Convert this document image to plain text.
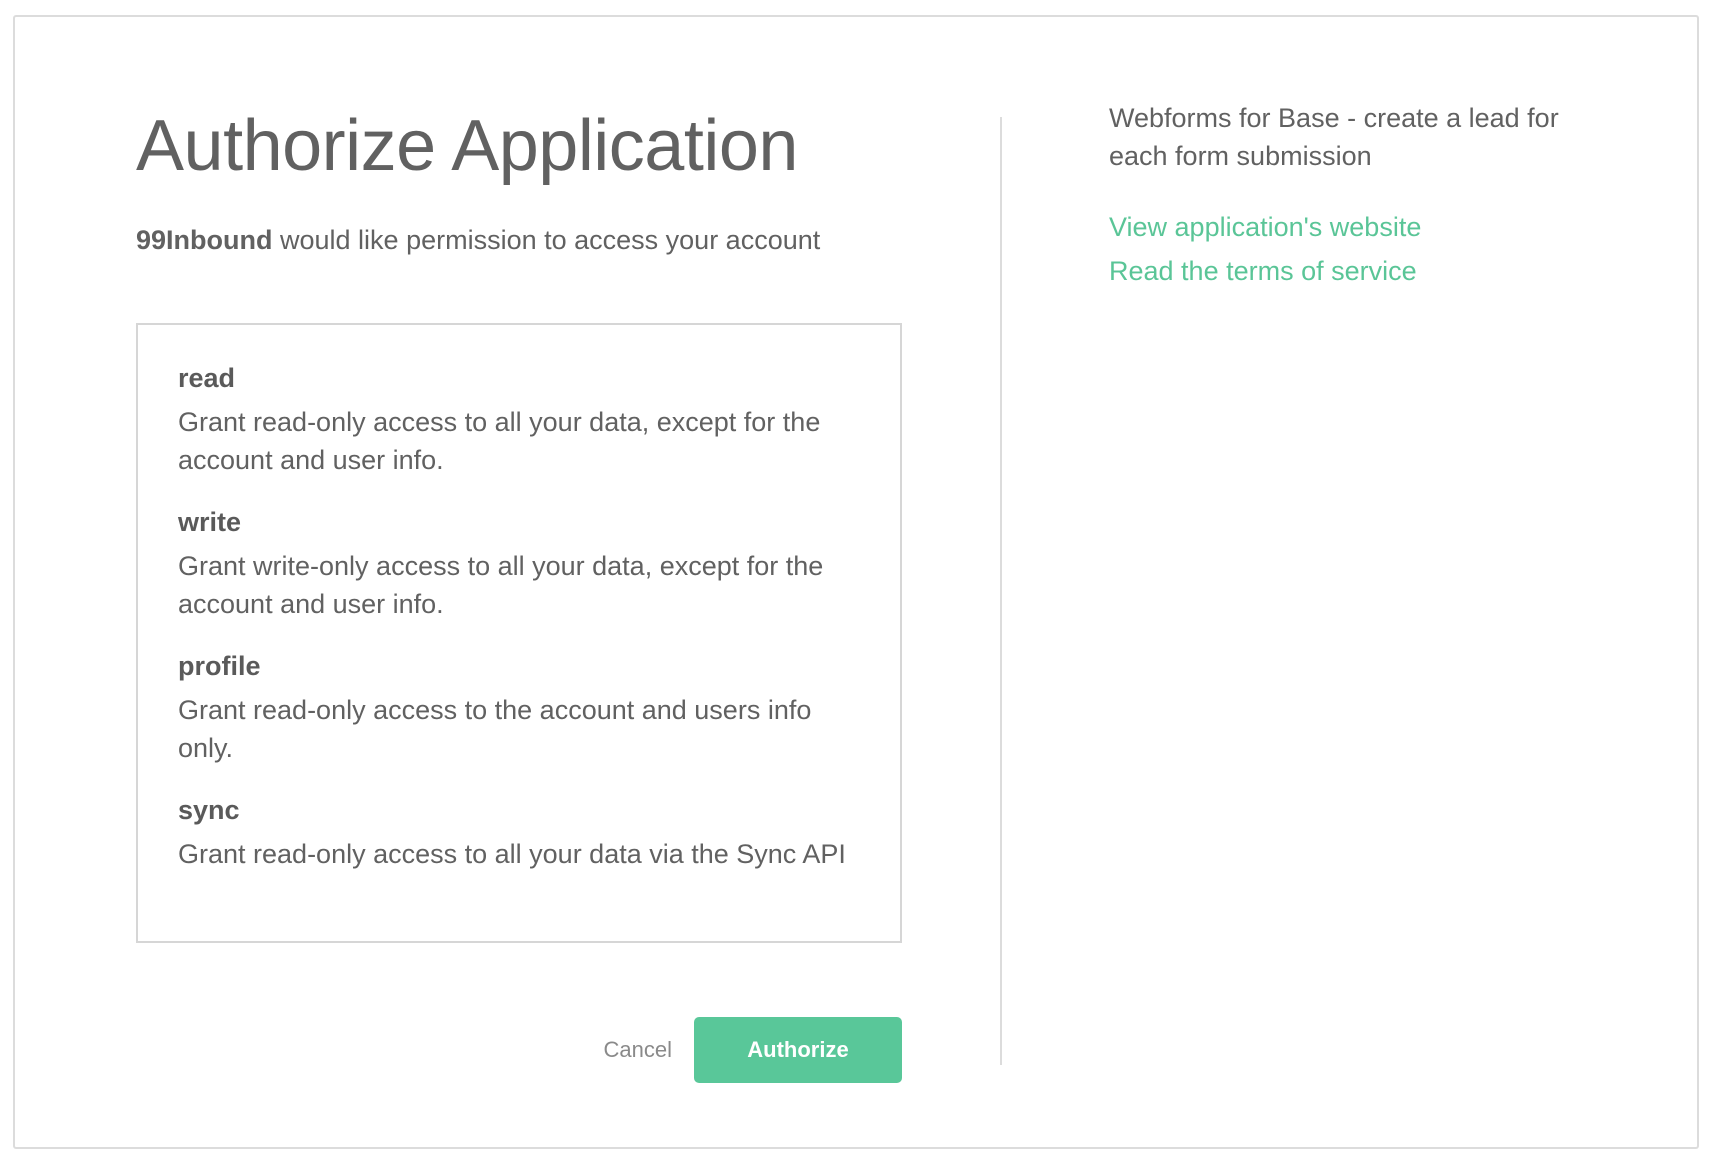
Authorize Application

99Inbound would like permission to access your account

read
Grant read-only access to all your data, except for the account and user info.
write
Grant write-only access to all your data, except for the account and user info.
profile
Grant read-only access to the account and users info only.
sync
Grant read-only access to all your data via the Sync API
Cancel	Authorize

Webforms for Base - create a lead for each form submission

View application's website
Read the terms of service
